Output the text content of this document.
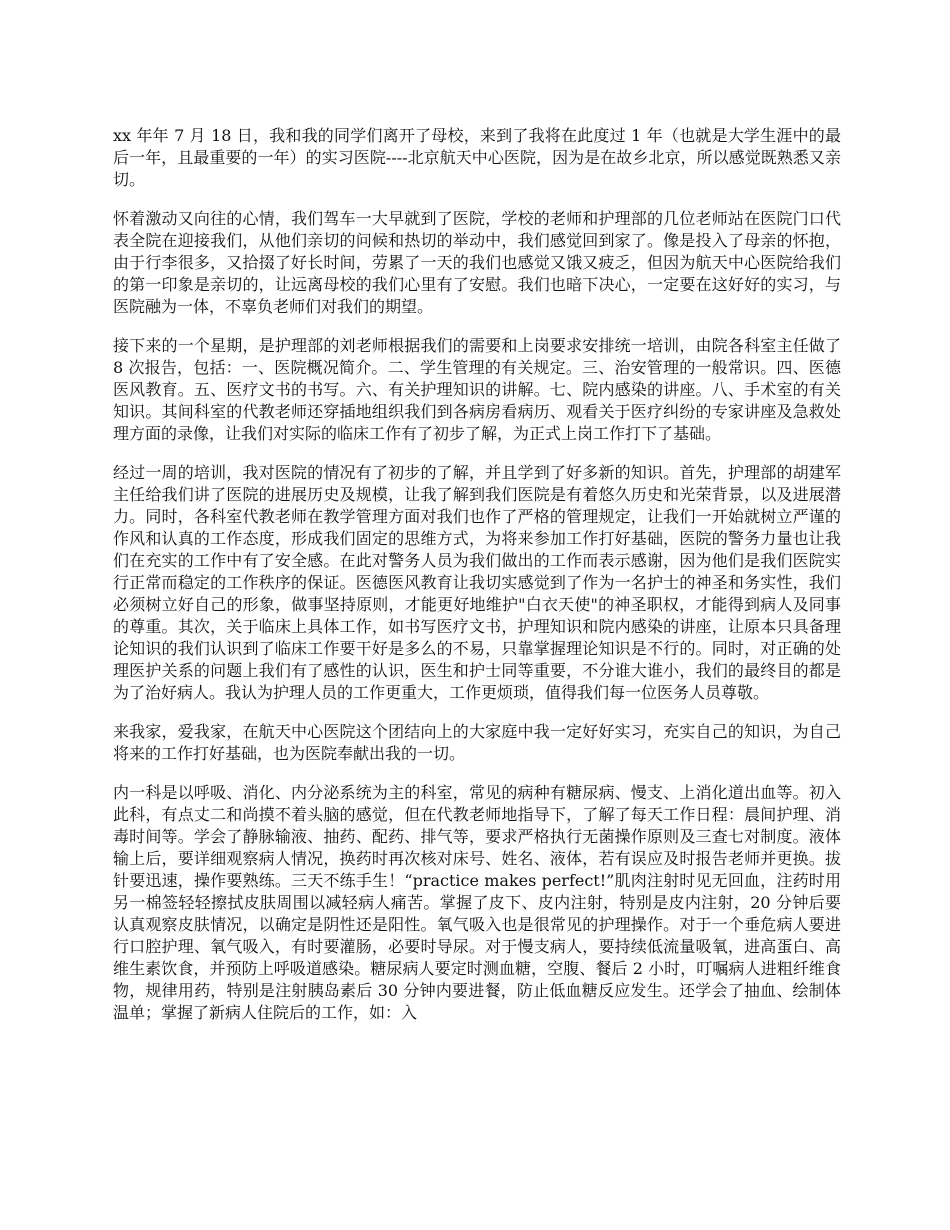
xx 年年 7 月 18 日，我和我的同学们离开了母校，来到了我将在此度过 1 年（也就是大学生涯中的最后一年，且最重要的一年）的实习医院----北京航天中心医院，因为是在故乡北京，所以感觉既熟悉又亲切。

怀着激动又向往的心情，我们驾车一大早就到了医院，学校的老师和护理部的几位老师站在医院门口代表全院在迎接我们，从他们亲切的问候和热切的举动中，我们感觉回到家了。像是投入了母亲的怀抱，由于行李很多，又拾掇了好长时间，劳累了一天的我们也感觉又饿又疲乏，但因为航天中心医院给我们的第一印象是亲切的，让远离母校的我们心里有了安慰。我们也暗下决心，一定要在这好好的实习，与医院融为一体，不辜负老师们对我们的期望。

接下来的一个星期，是护理部的刘老师根据我们的需要和上岗要求安排统一培训，由院各科室主任做了 8 次报告，包括：一、医院概况简介。二、学生管理的有关规定。三、治安管理的一般常识。四、医德医风教育。五、医疗文书的书写。六、有关护理知识的讲解。七、院内感染的讲座。八、手术室的有关知识。其间科室的代教老师还穿插地组织我们到各病房看病历、观看关于医疗纠纷的专家讲座及急救处理方面的录像，让我们对实际的临床工作有了初步了解，为正式上岗工作打下了基础。

经过一周的培训，我对医院的情况有了初步的了解，并且学到了好多新的知识。首先，护理部的胡建军主任给我们讲了医院的进展历史及规模，让我了解到我们医院是有着悠久历史和光荣背景，以及进展潜力。同时，各科室代教老师在教学管理方面对我们也作了严格的管理规定，让我们一开始就树立严谨的作风和认真的工作态度，形成我们固定的思维方式，为将来参加工作打好基础，医院的警务力量也让我们在充实的工作中有了安全感。在此对警务人员为我们做出的工作而表示感谢，因为他们是我们医院实行正常而稳定的工作秩序的保证。医德医风教育让我切实感觉到了作为一名护士的神圣和务实性，我们必须树立好自己的形象，做事坚持原则，才能更好地维护"白衣天使"的神圣职权，才能得到病人及同事的尊重。其次，关于临床上具体工作，如书写医疗文书，护理知识和院内感染的讲座，让原本只具备理论知识的我们认识到了临床工作要干好是多么的不易，只靠掌握理论知识是不行的。同时，对正确的处理医护关系的问题上我们有了感性的认识，医生和护士同等重要，不分谁大谁小，我们的最终目的都是为了治好病人。我认为护理人员的工作更重大，工作更烦琐，值得我们每一位医务人员尊敬。

来我家，爱我家，在航天中心医院这个团结向上的大家庭中我一定好好实习，充实自己的知识，为自己将来的工作打好基础，也为医院奉献出我的一切。

内一科是以呼吸、消化、内分泌系统为主的科室，常见的病种有糖尿病、慢支、上消化道出血等。初入此科，有点丈二和尚摸不着头脑的感觉，但在代教老师地指导下，了解了每天工作日程：晨间护理、消毒时间等。学会了静脉输液、抽药、配药、排气等，要求严格执行无菌操作原则及三查七对制度。液体输上后，要详细观察病人情况，换药时再次核对床号、姓名、液体，若有误应及时报告老师并更换。拔针要迅速，操作要熟练。三天不练手生！“practice makes perfect!”肌肉注射时见无回血，注药时用另一棉签轻轻擦拭皮肤周围以减轻病人痛苦。掌握了皮下、皮内注射，特别是皮内注射，20 分钟后要认真观察皮肤情况，以确定是阴性还是阳性。氧气吸入也是很常见的护理操作。对于一个垂危病人要进行口腔护理、氧气吸入，有时要灌肠，必要时导尿。对于慢支病人，要持续低流量吸氧，进高蛋白、高维生素饮食，并预防上呼吸道感染。糖尿病人要定时测血糖，空腹、餐后 2 小时，叮嘱病人进粗纤维食物，规律用药，特别是注射胰岛素后 30 分钟内要进餐，防止低血糖反应发生。还学会了抽血、绘制体温单；掌握了新病人住院后的工作，如：入
